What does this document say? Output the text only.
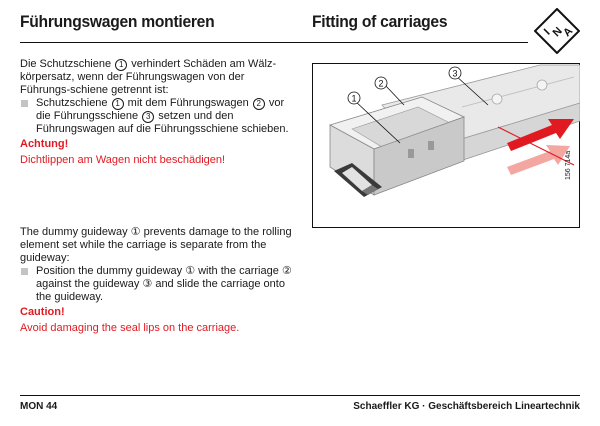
Führungswagen montieren	Fitting of carriages
I
N
A

Die Schutzschiene 1 verhindert Schäden am Wälz-körpersatz, wenn der Führungswagen von der Führungs-schiene getrennt ist:

Schutzschiene 1 mit dem Führungswagen 2 vor die Führungsschiene 3 setzen und den Führungswagen auf die Führungsschiene schieben.

Achtung!

Dichtlippen am Wagen nicht beschädigen!

1
2
3
156 714a

The dummy guideway ① prevents damage to the rolling element set while the carriage is separate from the guideway:

Position the dummy guideway ① with the carriage ② against the guideway ③ and slide the carriage onto the guideway.

Caution!

Avoid damaging the seal lips on the carriage.

MON 44	Schaeffler KG · Geschäftsbereich Lineartechnik
